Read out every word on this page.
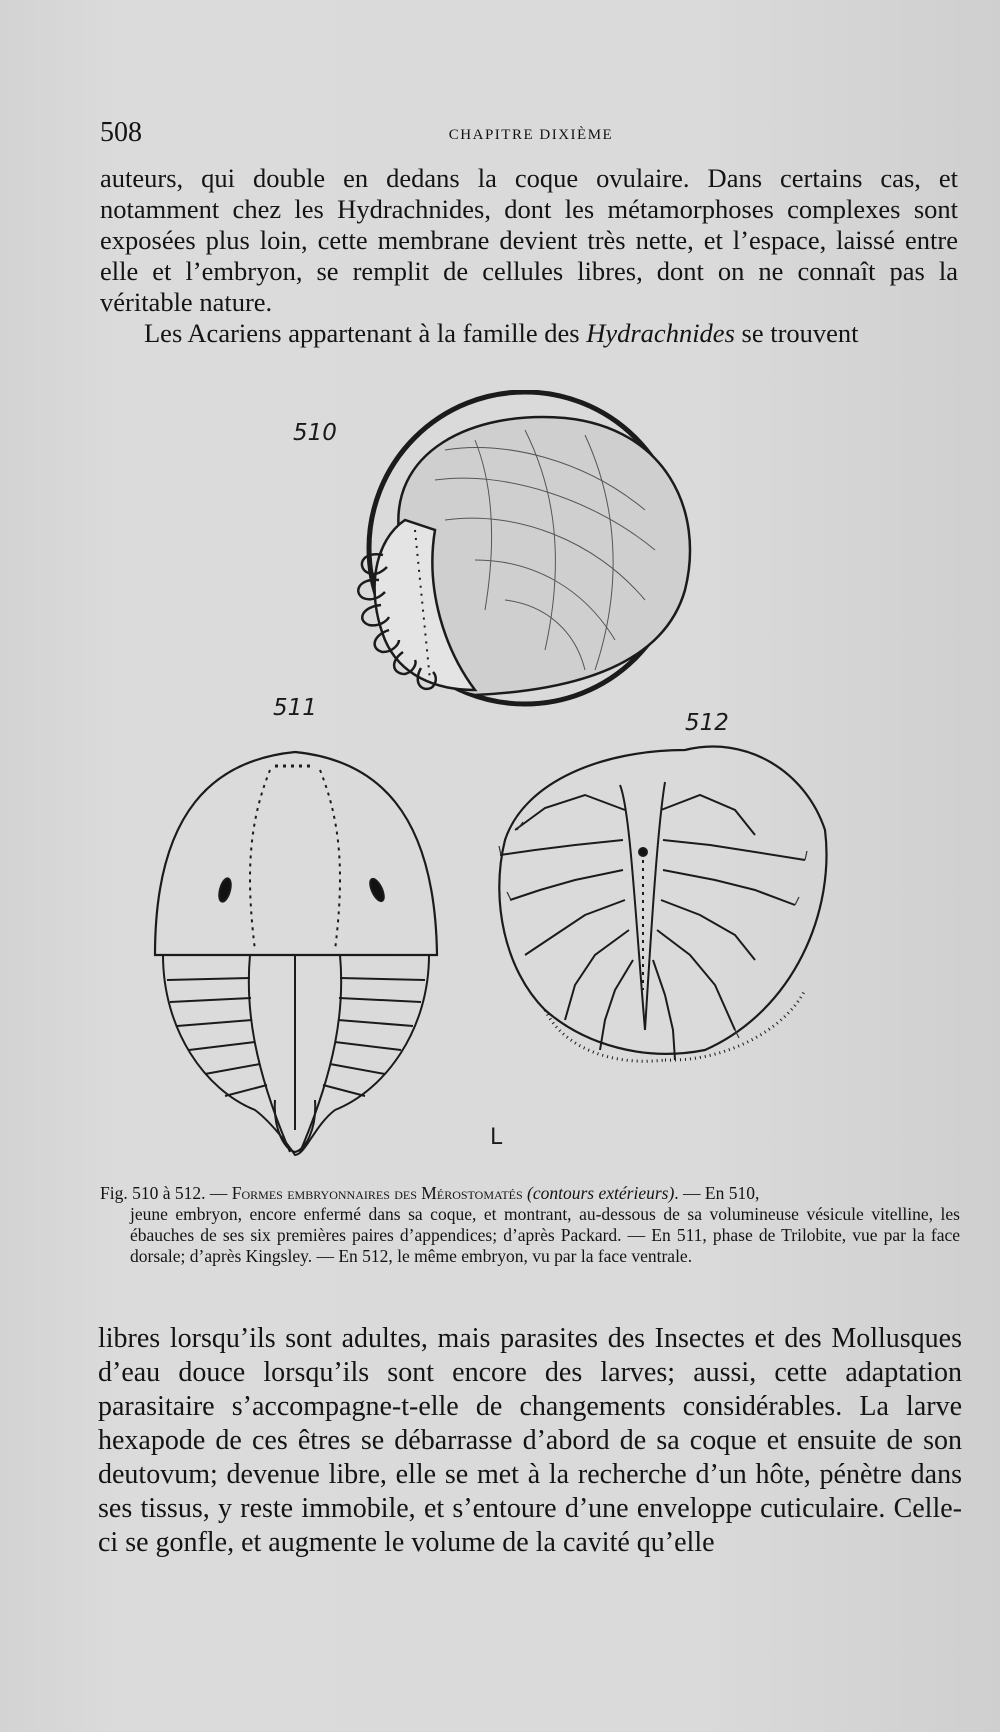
508	CHAPITRE DIXIÈME

auteurs, qui double en dedans la coque ovulaire. Dans certains cas, et notamment chez les Hydrachnides, dont les métamorphoses complexes sont exposées plus loin, cette membrane devient très nette, et l’espace, laissé entre elle et l’embryon, se remplit de cellules libres, dont on ne connaît pas la véritable nature.

Les Acariens appartenant à la famille des Hydrachnides se trouvent

510
511
512
L

Fig. 510 à 512. — Formes embryonnaires des Mérostomatés (contours extérieurs). — En 510,
jeune embryon, encore enfermé dans sa coque, et montrant, au-dessous de sa volumineuse vésicule vitelline, les ébauches de ses six premières paires d’appendices; d’après Packard. — En 511, phase de Trilobite, vue par la face dorsale; d’après Kingsley. — En 512, le même embryon, vu par la face ventrale.

libres lorsqu’ils sont adultes, mais parasites des Insectes et des Mollusques d’eau douce lorsqu’ils sont encore des larves; aussi, cette adaptation parasitaire s’accompagne-t-elle de changements considérables. La larve hexapode de ces êtres se débarrasse d’abord de sa coque et ensuite de son deutovum; devenue libre, elle se met à la recherche d’un hôte, pénètre dans ses tissus, y reste immobile, et s’entoure d’une enveloppe cuticulaire. Celle-ci se gonfle, et augmente le volume de la cavité qu’elle
